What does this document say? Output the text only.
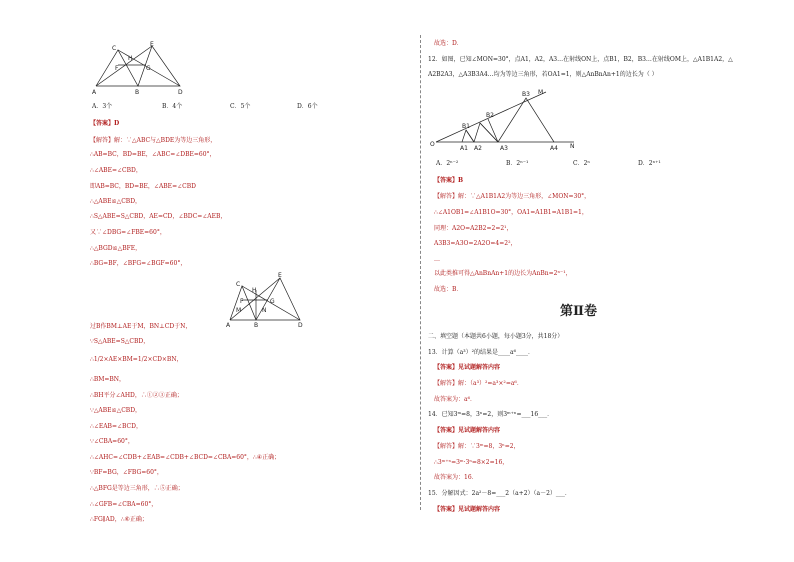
E
C
H
F	G
A	B	D
A．3个	B．4个	C．5个	D．6个
【答案】D
【解答】解：∵△ABC与△BDE为等边三角形，
∴AB=BC，BD=BE，∠ABC=∠DBE=60°，
∴∠ABE=∠CBD，
即AB=BC，BD=BE，∠ABE=∠CBD
∴△ABE≌△CBD，
∴S△ABE=S△CBD，AE=CD，∠BDC=∠AEB，
又∵∠DBG=∠FBE=60°，
∴△BGD≌△BFE，
∴BG=BF，∠BFG=∠BGF=60°，
E
C
H
G
F
M	N
A	B	D
过B作BM⊥AE于M，BN⊥CD于N，
∵S△ABE=S△CBD，
∴1/2×AE×BM=1/2×CD×BN，
∴BM=BN，
∴BH平分∠AHD，∴①②③正确；
∵△ABE≌△CBD，
∴∠EAB=∠BCD，
∵∠CBA=60°，
∴∠AHC=∠CDB+∠EAB=∠CDB+∠BCD=∠CBA=60°，∴④正确；
∵BF=BG，∠FBG=60°，
∴△BFG是等边三角形，∴⑤正确；
∴∠GFB=∠CBA=60°，
∴FG∥AD，∴⑥正确；
故选：D．
12．如图，已知∠MON=30°，点A1，A2，A3…在射线ON上，点B1，B2，B3…在射线OM上，△A1B1A2，△
A2B2A3，△A3B3A4…均为等边三角形，若OA1=1，则△AnBnAn+1的边长为（ ）
M
B3
B2
B1
O
A1 A2	A3	A4 N
A．2ⁿ⁻²	B．2ⁿ⁻¹	C．2ⁿ	D．2ⁿ⁺¹
【答案】B
【解答】解：∵△A1B1A2为等边三角形，∠MON=30°，
∴∠A1OB1=∠A1B1O=30°，OA1=A1B1=A1B1=1，
同理：A2O=A2B2=2=2¹，
A3B3=A3O=2A2O=4=2²，
…
以此类推可得△AnBnAn+1的边长为AnBn=2ⁿ⁻¹，
故选：B．
二、填空题（本题共6小题，每小题3分，共18分）
13．计算（a³）²的结果是____a⁶____．
【答案】见试题解答内容
【解答】解：（a³）²=a³×²=a⁶．
故答案为：a⁶．
14．已知3ᵐ=8，3ⁿ=2，则3ᵐ⁺ⁿ=___16___．
【答案】见试题解答内容
【解答】解：∵3ᵐ=8，3ⁿ=2，
∴3ᵐ⁺ⁿ=3ᵐ·3ⁿ=8×2=16，
故答案为：16．
15．分解因式：2a²－8=___2（a+2）（a－2）___．
【答案】见试题解答内容
第Ⅱ卷
